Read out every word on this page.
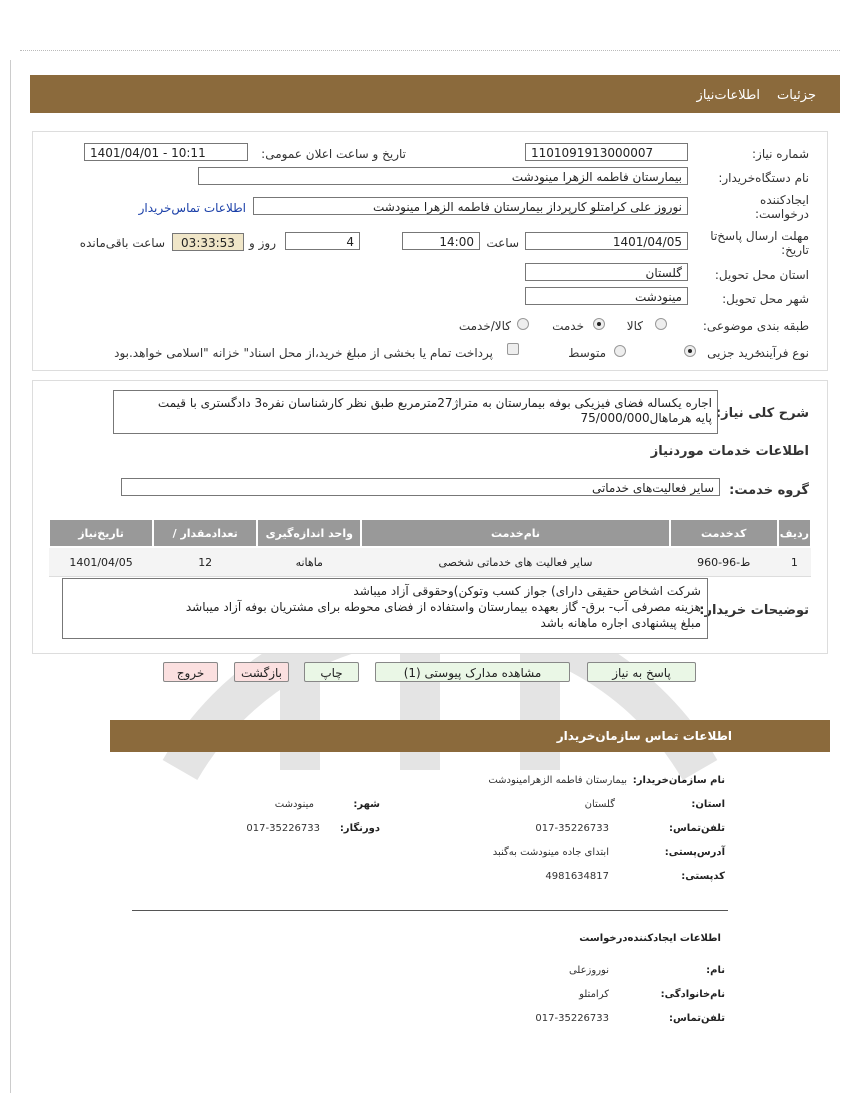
جزئیات
اطلاعات‌نیاز
شماره نیاز:
1101091913000007
تاریخ و ساعت اعلان عمومی:
1401/04/01 - 10:11
نام دستگاه‌خریدار:
بیمارستان فاطمه الزهرا مینودشت
ایجادکننده درخواست:
نوروز علی کرامتلو کارپرداز بیمارستان فاطمه الزهرا مینودشت
اطلاعات تماس‌خریدار
مهلت ارسال پاسخ‌تا تاریخ:
1401/04/05
ساعت
14:00
4
روز و
03:33:53
ساعت باقی‌مانده
استان محل تحویل:
گلستان
شهر محل تحویل:
مینودشت
طبقه بندی موضوعی:
کالا
خدمت
کالا/خدمت
نوع فرآیند:
خرید جزیی
متوسط
پرداخت تمام یا بخشی از مبلغ خرید،از محل اسناد" خزانه "اسلامی خواهد.بود
شرح کلی نیاز:
اجاره یکساله فضای فیزیکی بوفه بیمارستان به متراژ27مترمربع طبق نظر کارشناسان نفره3 دادگستری با قیمت
پایه هرماهال75/000/000
اطلاعات خدمات موردنیاز
گروه خدمت:
سایر فعالیت‌های خدماتی
ردیف	کدخدمت	نام‌خدمت	واحد اندازه‌گیری	تعدادمقدار /	تاریخ‌نیاز
1	ط-96-960	سایر فعالیت های خدماتی شخصی	ماهانه	12	1401/04/05
توضیحات خریدار:
شرکت اشخاص حقیقی دارای) جواز کسب وتوکن)وحقوقی آزاد میباشد
هزینه مصرفی آب- برق- گاز بعهده بیمارستان واستفاده از فضای محوطه برای مشتریان بوفه آزاد میباشد
مبلغ پیشنهادی اجاره ماهانه باشد
پاسخ به نیاز
مشاهده مدارک پیوستی (1)
چاپ
بازگشت
خروج
اطلاعات تماس سازمان‌خریدار
نام سازمان‌خریدار:
بیمارستان فاطمه الزهرامینودشت
استان:
گلستان
شهر:
مینودشت
تلفن‌تماس:
017-35226733
دورنگار:
017-35226733
آدرس‌پستی:
ابتدای جاده مینودشت به‌گنبد
کدپستی:
4981634817
اطلاعات ایجادکننده‌درخواست
نام:
نوروزعلی
نام‌خانوادگی:
کرامتلو
تلفن‌تماس:
017-35226733
